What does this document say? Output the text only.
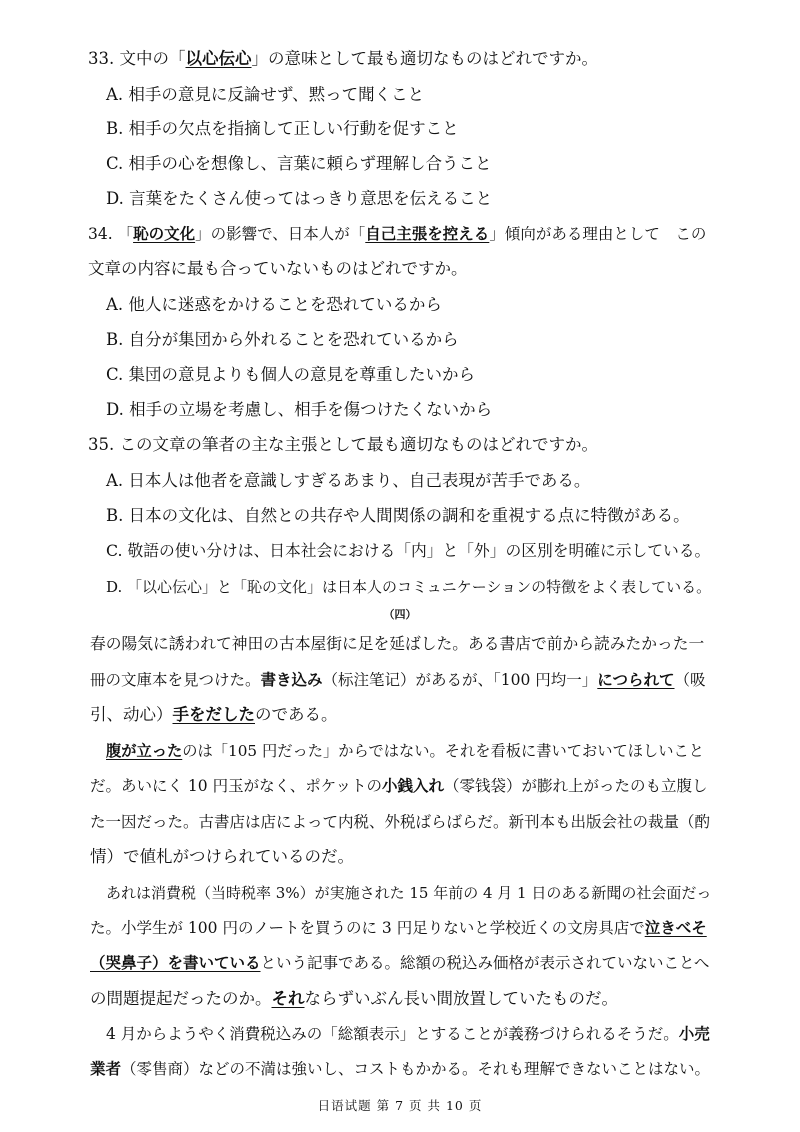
33. 文中の「以心伝心」の意味として最も適切なものはどれですか。
A. 相手の意見に反論せず、黙って聞くこと
B. 相手の欠点を指摘して正しい行動を促すこと
C. 相手の心を想像し、言葉に頼らず理解し合うこと
D. 言葉をたくさん使ってはっきり意思を伝えること
34. 「恥の文化」の影響で、日本人が「自己主張を控える」傾向がある理由として　この
文章の内容に最も合っていないものはどれですか。
A. 他人に迷惑をかけることを恐れているから
B. 自分が集団から外れることを恐れているから
C. 集団の意見よりも個人の意見を尊重したいから
D. 相手の立場を考慮し、相手を傷つけたくないから
35. この文章の筆者の主な主張として最も適切なものはどれですか。
A. 日本人は他者を意識しすぎるあまり、自己表現が苦手である。
B. 日本の文化は、自然との共存や人間関係の調和を重視する点に特徴がある。
C. 敬語の使い分けは、日本社会における「内」と「外」の区別を明確に示している。
D. 「以心伝心」と「恥の文化」は日本人のコミュニケーションの特徴をよく表している。
（四）
春の陽気に誘われて神田の古本屋街に足を延ばした。ある書店で前から読みたかった一
冊の文庫本を見つけた。書き込み（标注笔记）があるが、「100 円均一」につられて（吸
引、动心）手をだしたのである。
腹が立ったのは「105 円だった」からではない。それを看板に書いておいてほしいこと
だ。あいにく 10 円玉がなく、ポケットの小銭入れ（零钱袋）が膨れ上がったのも立腹し
た一因だった。古書店は店によって内税、外税ばらばらだ。新刊本も出版会社の裁量（酌
情）で値札がつけられているのだ。
あれは消費税（当時税率 3%）が実施された 15 年前の 4 月 1 日のある新聞の社会面だっ
た。小学生が 100 円のノートを買うのに 3 円足りないと学校近くの文房具店で泣きべそ
（哭鼻子）を書いているという記事である。総額の税込み価格が表示されていないことへ
の問題提起だったのか。それならずいぶん長い間放置していたものだ。
4 月からようやく消費税込みの「総額表示」とすることが義務づけられるそうだ。小売
業者（零售商）などの不満は強いし、コストもかかる。それも理解できないことはない。
日语试题 第 7 页 共 10 页
